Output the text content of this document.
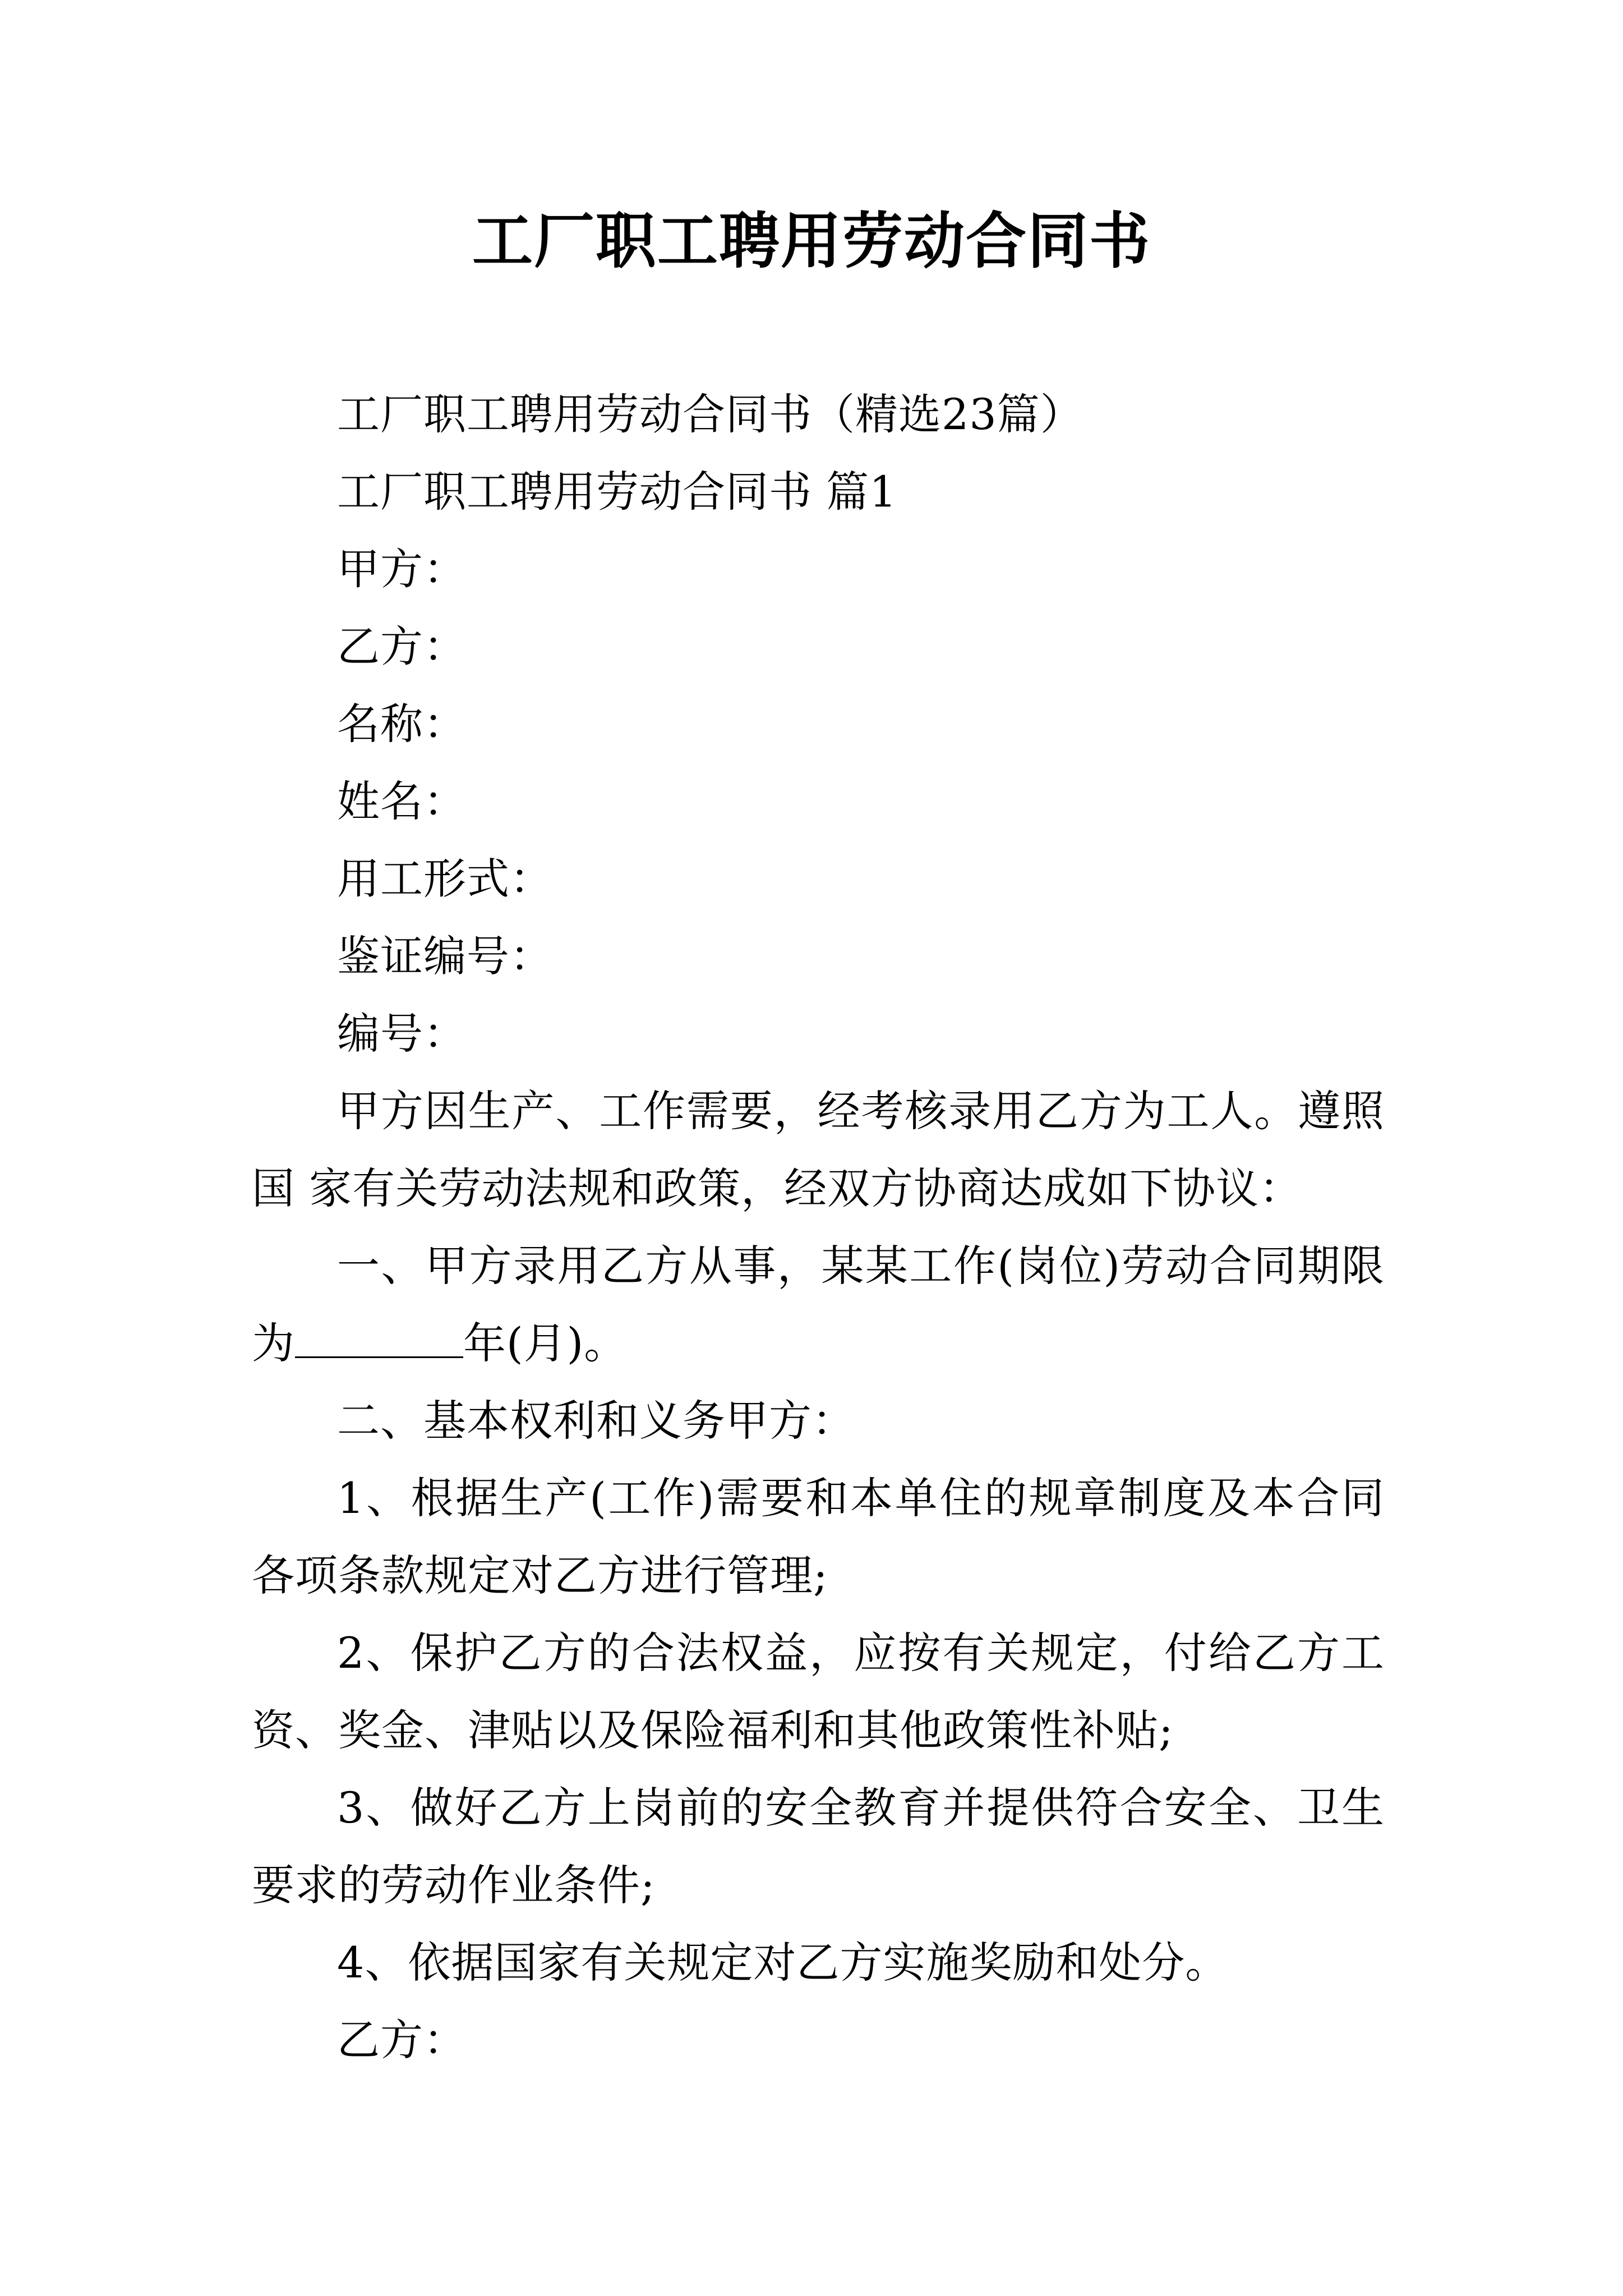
工厂职工聘用劳动合同书

工厂职工聘用劳动合同书（精选23篇）

工厂职工聘用劳动合同书 篇1

甲方：

乙方：

名称：

姓名：

用工形式：

鉴证编号：

编号：

甲方因生产、工作需要，经考核录用乙方为工人。遵照国 家有关劳动法规和政策，经双方协商达成如下协议：

一、甲方录用乙方从事，某某工作(岗位)劳动合同期限为	年(月)。

二、基本权利和义务甲方：

1、根据生产(工作)需要和本单住的规章制度及本合同各项条款规定对乙方进行管理;

2、保护乙方的合法权益，应按有关规定，付给乙方工资、奖金、津贴以及保险福利和其他政策性补贴;

3、做好乙方上岗前的安全教育并提供符合安全、卫生要求的劳动作业条件;

4、依据国家有关规定对乙方实施奖励和处分。

乙方：
